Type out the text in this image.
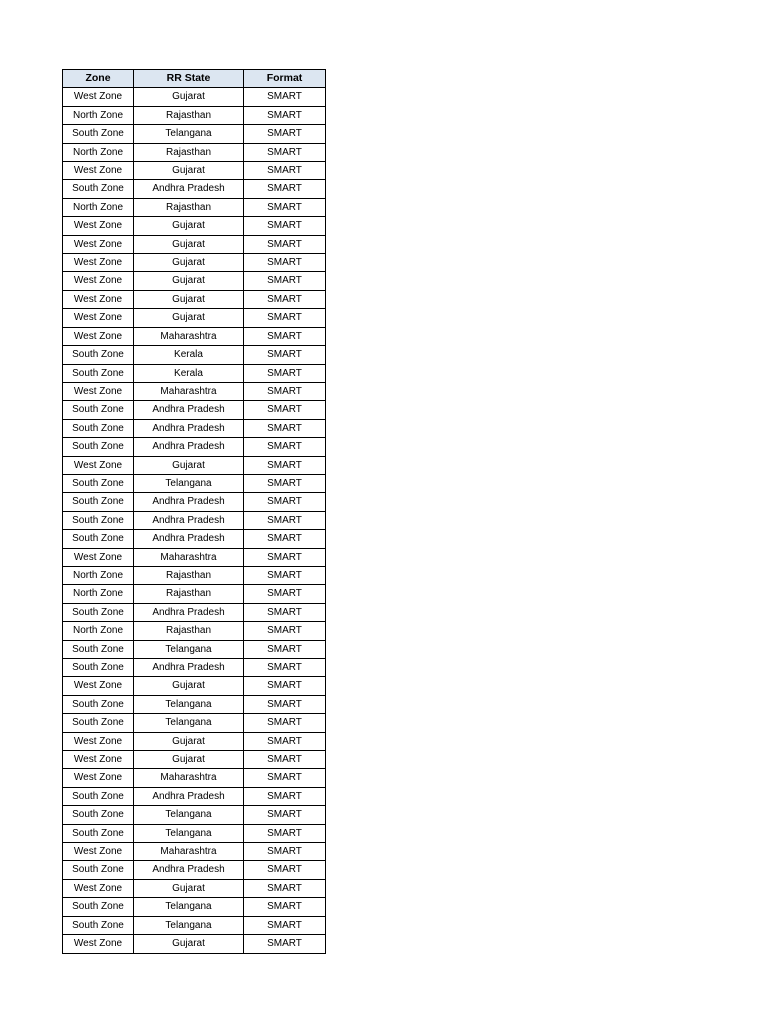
Zone	RR State	Format
West Zone	Gujarat	SMART
North Zone	Rajasthan	SMART
South Zone	Telangana	SMART
North Zone	Rajasthan	SMART
West Zone	Gujarat	SMART
South Zone	Andhra Pradesh	SMART
North Zone	Rajasthan	SMART
West Zone	Gujarat	SMART
West Zone	Gujarat	SMART
West Zone	Gujarat	SMART
West Zone	Gujarat	SMART
West Zone	Gujarat	SMART
West Zone	Gujarat	SMART
West Zone	Maharashtra	SMART
South Zone	Kerala	SMART
South Zone	Kerala	SMART
West Zone	Maharashtra	SMART
South Zone	Andhra Pradesh	SMART
South Zone	Andhra Pradesh	SMART
South Zone	Andhra Pradesh	SMART
West Zone	Gujarat	SMART
South Zone	Telangana	SMART
South Zone	Andhra Pradesh	SMART
South Zone	Andhra Pradesh	SMART
South Zone	Andhra Pradesh	SMART
West Zone	Maharashtra	SMART
North Zone	Rajasthan	SMART
North Zone	Rajasthan	SMART
South Zone	Andhra Pradesh	SMART
North Zone	Rajasthan	SMART
South Zone	Telangana	SMART
South Zone	Andhra Pradesh	SMART
West Zone	Gujarat	SMART
South Zone	Telangana	SMART
South Zone	Telangana	SMART
West Zone	Gujarat	SMART
West Zone	Gujarat	SMART
West Zone	Maharashtra	SMART
South Zone	Andhra Pradesh	SMART
South Zone	Telangana	SMART
South Zone	Telangana	SMART
West Zone	Maharashtra	SMART
South Zone	Andhra Pradesh	SMART
West Zone	Gujarat	SMART
South Zone	Telangana	SMART
South Zone	Telangana	SMART
West Zone	Gujarat	SMART
